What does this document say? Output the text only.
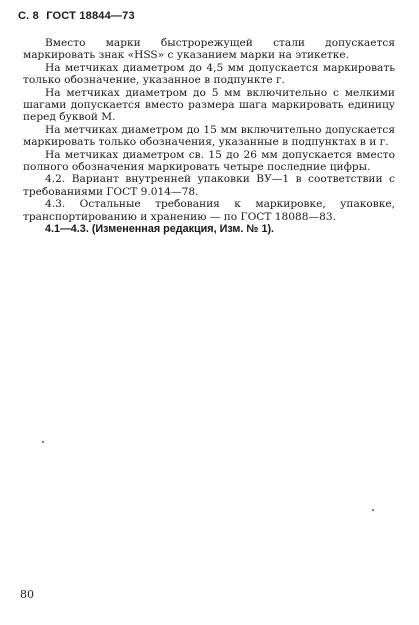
С. 8 ГОСТ 18844—73

Вместо марки быстрорежущей стали допускается маркировать знак «HSS» с указанием марки на этикетке.

На метчиках диаметром до 4,5 мм допускается маркировать только обозначение, указанное в подпункте г.

На метчиках диаметром до 5 мм включительно с мелкими шагами допускается вместо размера шага маркировать единицу перед буквой М.

На метчиках диаметром до 15 мм включительно допускается маркировать только обозначения, указанные в подпунктах в и г.

На метчиках диаметром св. 15 до 26 мм допускается вместо полного обозначения маркировать четыре последние цифры.

4.2. Вариант внутренней упаковки ВУ—1 в соответствии с требованиями ГОСТ 9.014—78.

4.3. Остальные требования к маркировке, упаковке, транспортированию и хранению — по ГОСТ 18088—83.

4.1—4.3. (Измененная редакция, Изм. № 1).

80
